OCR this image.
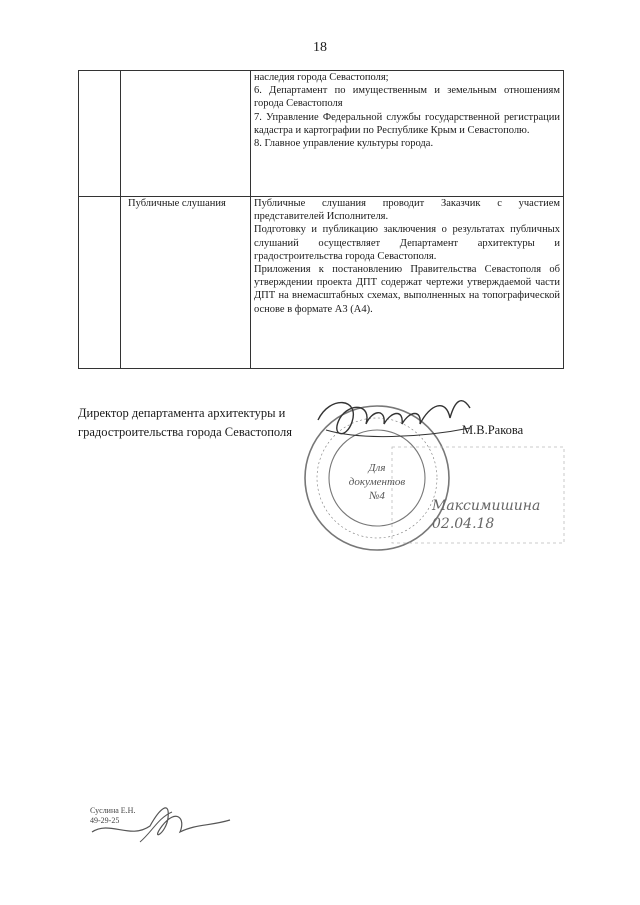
18

		наследия города Севастополя;
6. Департамент по имущественным и земельным отношениям города Севастополя
7. Управление Федеральной службы государственной регистрации кадастра и картографии по Республике Крым и Севастополю.
8. Главное управление культуры города.

	Публичные слушания	Публичные слушания проводит Заказчик с участием представителей Исполнителя.
Подготовку и публикацию заключения о результатах публичных слушаний осуществляет Департамент архитектуры и градостроительства города Севастополя.
Приложения к постановлению Правительства Севастополя об утверждении проекта ДПТ содержат чертежи утверждаемой части ДПТ на внемасштабных схемах, выполненных на топографической основе в формате А3 (А4).
Директор департамента архитектуры и
градостроительства города Севастополя	М.В.Ракова
Для
документов
№4
Максимишина
02.04.18
Суслина Е.Н.
49-29-25
